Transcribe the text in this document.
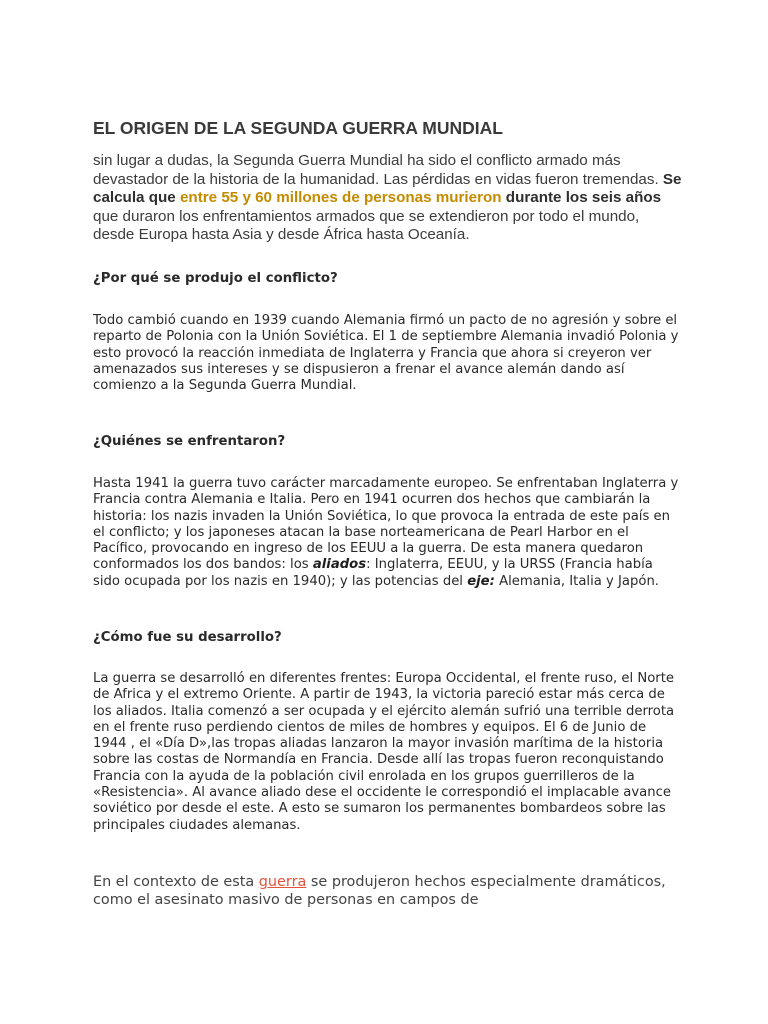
EL ORIGEN DE LA SEGUNDA GUERRA MUNDIAL

sin lugar a dudas, la Segunda Guerra Mundial ha sido el conflicto armado más devastador de la historia de la humanidad. Las pérdidas en vidas fueron tremendas. Se calcula que entre 55 y 60 millones de personas murieron durante los seis años que duraron los enfrentamientos armados que se extendieron por todo el mundo, desde Europa hasta Asia y desde África hasta Oceanía.

¿Por qué se produjo el conflicto?

Todo cambió cuando en 1939 cuando Alemania firmó un pacto de no agresión y sobre el reparto de Polonia con la Unión Soviética. El 1 de septiembre Alemania invadió Polonia y esto provocó la reacción inmediata de Inglaterra y Francia que ahora si creyeron ver amenazados sus intereses y se dispusieron a frenar el avance alemán dando así comienzo a la Segunda Guerra Mundial.

¿Quiénes se enfrentaron?

Hasta 1941 la guerra tuvo carácter marcadamente europeo. Se enfrentaban Inglaterra y Francia contra Alemania e Italia. Pero en 1941 ocurren dos hechos que cambiarán la historia: los nazis invaden la Unión Soviética, lo que provoca la entrada de este país en el conflicto; y los japoneses atacan la base norteamericana de Pearl Harbor en el Pacífico, provocando en ingreso de los EEUU a la guerra. De esta manera quedaron conformados los dos bandos: los aliados: Inglaterra, EEUU, y la URSS (Francia había sido ocupada por los nazis en 1940); y las potencias del eje: Alemania, Italia y Japón.

¿Cómo fue su desarrollo?

La guerra se desarrolló en diferentes frentes: Europa Occidental, el frente ruso, el Norte de Africa y el extremo Oriente. A partir de 1943, la victoria pareció estar más cerca de los aliados. Italia comenzó a ser ocupada y el ejército alemán sufrió una terrible derrota en el frente ruso perdiendo cientos de miles de hombres y equipos. El 6 de Junio de 1944 , el «Día D»,las tropas aliadas lanzaron la mayor invasión marítima de la historia sobre las costas de Normandía en Francia. Desde allí las tropas fueron reconquistando Francia con la ayuda de la población civil enrolada en los grupos guerrilleros de la «Resistencia». Al avance aliado dese el occidente le correspondió el implacable avance soviético por desde el este. A esto se sumaron los permanentes bombardeos sobre las principales ciudades alemanas.

En el contexto de esta guerra se produjeron hechos especialmente dramáticos, como el asesinato masivo de personas en campos de
